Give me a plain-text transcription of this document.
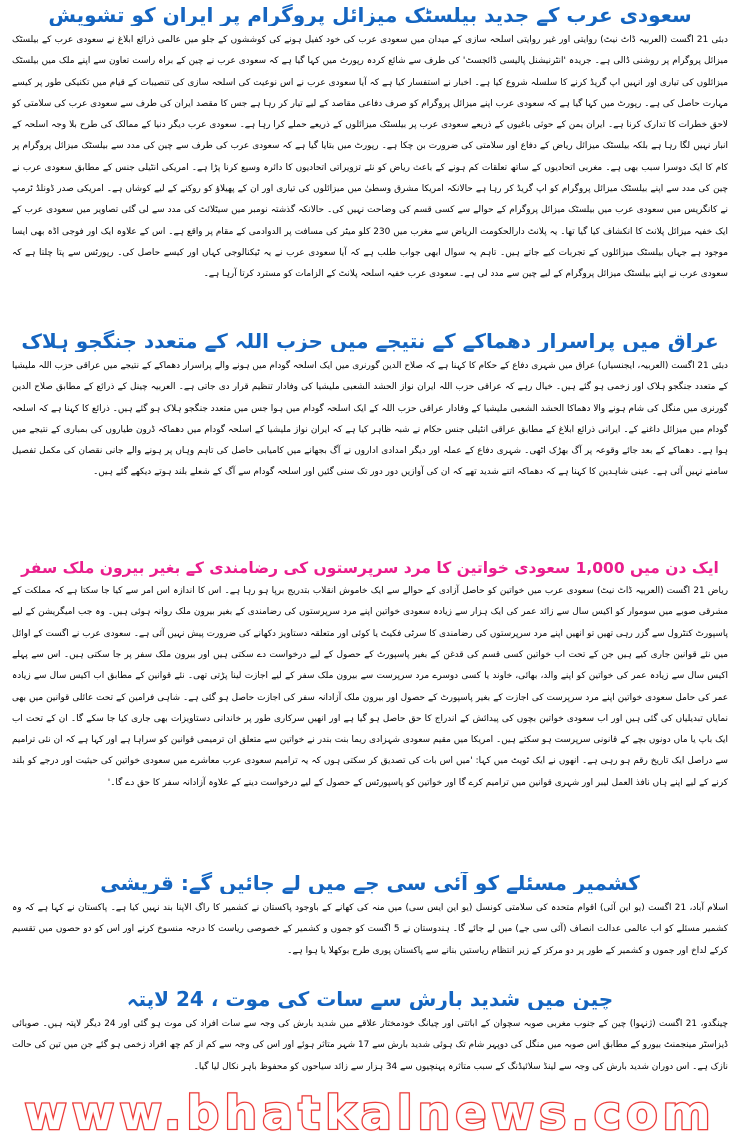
سعودی عرب کے جدید بیلسٹک میزائل پروگرام پر ایران کو تشویش

دبئی 21 اگست (العربیہ ڈاٹ نیٹ) روایتی اور غیر روایتی اسلحہ سازی کے میدان میں سعودی عرب کی خود کفیل ہونے کی کوششوں کے جلو میں عالمی ذرائع ابلاغ نے سعودی عرب کے بیلسٹک میزائل پروگرام پر روشنی ڈالی ہے۔ جریدہ 'انٹرنیشنل پالیسی ڈائجسٹ' کی طرف سے شائع کردہ رپورٹ میں کہا گیا ہے کہ سعودی عرب نے چین کے براہ راست تعاون سے اپنے ملک میں بیلسٹک میزائلوں کی تیاری اور انہیں اپ گریڈ کرنے کا سلسلہ شروع کیا ہے۔ اخبار نے استفسار کیا ہے کہ آیا سعودی عرب نے اس نوعیت کی اسلحہ سازی کی تنصیبات کے قیام میں تکنیکی طور پر کیسے مہارت حاصل کی ہے۔ رپورٹ میں کہا گیا ہے کہ سعودی عرب اپنے میزائل پروگرام کو صرف دفاعی مقاصد کے لیے تیار کر رہا ہے جس کا مقصد ایران کی طرف سے سعودی عرب کی سلامتی کو لاحق خطرات کا تدارک کرنا ہے۔ ایران یمن کے حوثی باغیوں کے ذریعے سعودی عرب پر بیلسٹک میزائلوں کے ذریعے حملے کرا رہا ہے۔ سعودی عرب دیگر دنیا کے ممالک کی طرح بلا وجہ اسلحہ کے انبار نہیں لگا رہا ہے بلکہ بیلسٹک میزائل ریاض کے دفاع اور سلامتی کی ضرورت بن چکا ہے۔ رپورٹ میں بتایا گیا ہے کہ سعودی عرب کی طرف سے چین کی مدد سے بیلسٹک میزائل پروگرام پر کام کا ایک دوسرا سبب بھی ہے۔ مغربی اتحادیوں کے ساتھ تعلقات کم ہونے کے باعث ریاض کو نئے تزویراتی اتحادیوں کا دائرہ وسیع کرنا پڑا ہے۔ امریکی انٹیلی جنس کے مطابق سعودی عرب نے چین کی مدد سے اپنے بیلسٹک میزائل پروگرام کو اپ گریڈ کر رہا ہے حالانکہ امریکا مشرق وسطیٰ میں میزائلوں کی تیاری اور ان کے پھیلاؤ کو روکنے کے لیے کوشاں ہے۔ امریکی صدر ڈونلڈ ٹرمپ نے کانگریس میں سعودی عرب میں بیلسٹک میزائل پروگرام کے حوالے سے کسی قسم کی وضاحت نہیں کی۔ حالانکہ گذشتہ نومبر میں سیٹلائٹ کی مدد سے لی گئی تصاویر میں سعودی عرب کے ایک خفیہ میزائل پلانٹ کا انکشاف کیا گیا تھا۔ یہ پلانٹ دارالحکومت الریاض سے مغرب میں 230 کلو میٹر کی مسافت پر الدوادمی کے مقام پر واقع ہے۔ اس کے علاوہ ایک اور فوجی اڈہ بھی ایسا موجود ہے جہاں بیلسٹک میزائلوں کے تجربات کیے جاتے ہیں۔ تاہم یہ سوال ابھی جواب طلب ہے کہ آیا سعودی عرب نے یہ ٹیکنالوجی کہاں اور کیسے حاصل کی۔ رپورٹس سے پتا چلتا ہے کہ سعودی عرب نے اپنے بیلسٹک میزائل پروگرام کے لیے چین سے مدد لی ہے۔ سعودی عرب خفیہ اسلحہ پلانٹ کے الزامات کو مسترد کرتا آرہا ہے۔

عراق میں پراسرار دھماکے کے نتیجے میں حزب اللہ کے متعدد جنگجو ہلاک

دبئی 21 اگست (العربیہ، ایجنسیاں) عراق میں شہری دفاع کے حکام کا کہنا ہے کہ صلاح الدین گورنری میں ایک اسلحہ گودام میں ہونے والے پراسرار دھماکے کے نتیجے میں عراقی حزب اللہ ملیشیا کے متعدد جنگجو ہلاک اور زخمی ہو گئے ہیں۔ خیال رہے کہ عراقی حزب اللہ ایران نواز الحشد الشعبی ملیشیا کی وفادار تنظیم قرار دی جاتی ہے۔ العربیہ چینل کے ذرائع کے مطابق صلاح الدین گورنری میں منگل کی شام ہونے والا دھماکا الحشد الشعبی ملیشیا کے وفادار عراقی حزب اللہ کے ایک اسلحہ گودام میں ہوا جس میں متعدد جنگجو ہلاک ہو گئے ہیں۔ ذرائع کا کہنا ہے کہ اسلحہ گودام میں میزائل داغنے کے۔ ایرانی ذرائع ابلاغ کے مطابق عراقی انٹیلی جنس حکام نے شبہ ظاہر کیا ہے کہ ایران نواز ملیشیا کے اسلحہ گودام میں دھماکہ ڈرون طیاروں کی بمباری کے نتیجے میں ہوا ہے۔ دھماکے کے بعد جائے وقوعہ پر آگ بھڑک اٹھی۔ شہری دفاع کے عملہ اور دیگر امدادی اداروں نے آگ بجھانے میں کامیابی حاصل کی تاہم وہاں پر ہونے والے جانی نقصان کی مکمل تفصیل سامنے نہیں آئی ہے۔ عینی شاہدین کا کہنا ہے کہ دھماکہ اتنے شدید تھے کہ ان کی آوازیں دور دور تک سنی گئیں اور اسلحہ گودام سے آگ کے شعلے بلند ہوتے دیکھے گئے ہیں۔

ایک دن میں 1,000 سعودی خواتین کا مرد سرپرستوں کی رضامندی کے بغیر بیرون ملک سفر

ریاض 21 اگست (العربیہ ڈاٹ نیٹ) سعودی عرب میں خواتین کو حاصل آزادی کے حوالے سے ایک خاموش انقلاب بتدریج برپا ہو رہا ہے۔ اس کا اندازہ اس امر سے کیا جا سکتا ہے کہ مملکت کے مشرقی صوبے میں سوموار کو اکیس سال سے زائد عمر کی ایک ہزار سے زیادہ سعودی خواتین اپنے مرد سرپرستوں کی رضامندی کے بغیر بیرون ملک روانہ ہوئی ہیں۔ وہ جب امیگریشن کے لیے پاسپورٹ کنٹرول سے گزر رہی تھیں تو انھیں اپنے مرد سرپرستوں کی رضامندی کا سرٹی فکیٹ یا کوئی اور متعلقہ دستاویز دکھانے کی ضرورت پیش نہیں آئی ہے۔ سعودی عرب نے اگست کے اوائل میں نئے قوانین جاری کیے ہیں جن کے تحت اب خواتین کسی قسم کی قدغن کے بغیر پاسپورٹ کے حصول کے لیے درخواست دے سکتی ہیں اور بیرون ملک سفر پر جا سکتی ہیں۔ اس سے پہلے اکیس سال سے زیادہ عمر کی خواتین کو اپنے والد، بھائی، خاوند یا کسی دوسرے مرد سرپرست سے بیرون ملک سفر کے لیے اجازت لینا پڑتی تھی۔ نئے قوانین کے مطابق اب اکیس سال سے زیادہ عمر کی حامل سعودی خواتین اپنے مرد سرپرست کی اجازت کے بغیر پاسپورٹ کے حصول اور بیرون ملک آزادانہ سفر کی اجازت حاصل ہو گئی ہے۔ شاہی فرامین کے تحت عائلی قوانین میں بھی نمایاں تبدیلیاں کی گئی ہیں اور اب سعودی خواتین بچوں کی پیدائش کے اندراج کا حق حاصل ہو گیا ہے اور انھیں سرکاری طور پر خاندانی دستاویزات بھی جاری کیا جا سکے گا۔ ان کے تحت اب ایک باپ یا ماں دونوں بچے کے قانونی سرپرست ہو سکتے ہیں۔ امریکا میں مقیم سعودی شہزادی ریما بنت بندر نے خواتین سے متعلق ان ترمیمی قوانین کو سراہا ہے اور کہا ہے کہ ان نئی ترامیم سے دراصل ایک تاریخ رقم ہو رہی ہے۔ انھوں نے ایک ٹویٹ میں کہا: 'میں اس بات کی تصدیق کر سکتی ہوں کہ یہ ترامیم سعودی عرب معاشرے میں سعودی خواتین کی حیثیت اور درجے کو بلند کرنے کے لیے اپنے ہاں نافذ العمل لیبر اور شہری قوانین میں ترامیم کرے گا اور خواتین کو پاسپورٹس کے حصول کے لیے درخواست دینے کے علاوہ آزادانہ سفر کا حق دے گا۔'

کشمیر مسئلے کو آئی سی جے میں لے جائیں گے: قریشی

اسلام آباد، 21 اگست (یو این آئی) اقوام متحدہ کی سلامتی کونسل (یو این ایس سی) میں منہ کی کھانے کے باوجود پاکستان نے کشمیر کا راگ الاپنا بند نہیں کیا ہے۔ پاکستان نے کہا ہے کہ وہ کشمیر مسئلے کو اب عالمی عدالت انصاف (آئی سی جے) میں لے جائے گا۔ ہندوستان نے 5 اگست کو جموں و کشمیر کے خصوصی ریاست کا درجہ منسوخ کرنے اور اس کو دو حصوں میں تقسیم کرکے لداخ اور جموں و کشمیر کے طور پر دو مرکز کے زیر انتظام ریاستیں بنانے سے پاکستان پوری طرح بوکھلا یا ہوا ہے۔

چین میں شدید بارش سے سات کی موت ، 24 لاپتہ

چینگدو، 21 اگست (ژنہوا) چین کے جنوب مغربی صوبہ سچوان کے اباتتی اور چیانگ خودمختار علاقے میں شدید بارش کی وجہ سے سات افراد کی موت ہو گئی اور 24 دیگر لاپتہ ہیں۔ صوبائی ڈیزاسٹر مینجمنٹ بیورو کے مطابق اس صوبہ میں منگل کی دوپہر شام تک ہوئی شدید بارش سے 17 شہر متاثر ہوئے اور اس کی وجہ سے کم از کم چھ افراد زخمی ہو گئے جن میں تین کی حالت نازک ہے۔ اس دوران شدید بارش کی وجہ سے لینڈ سلائیڈنگ کے سبب متاثرہ پہنچیوں سے 34 ہزار سے زائد سیاحوں کو محفوظ باہر نکال لیا گیا۔

www.bhatkalnews.com
